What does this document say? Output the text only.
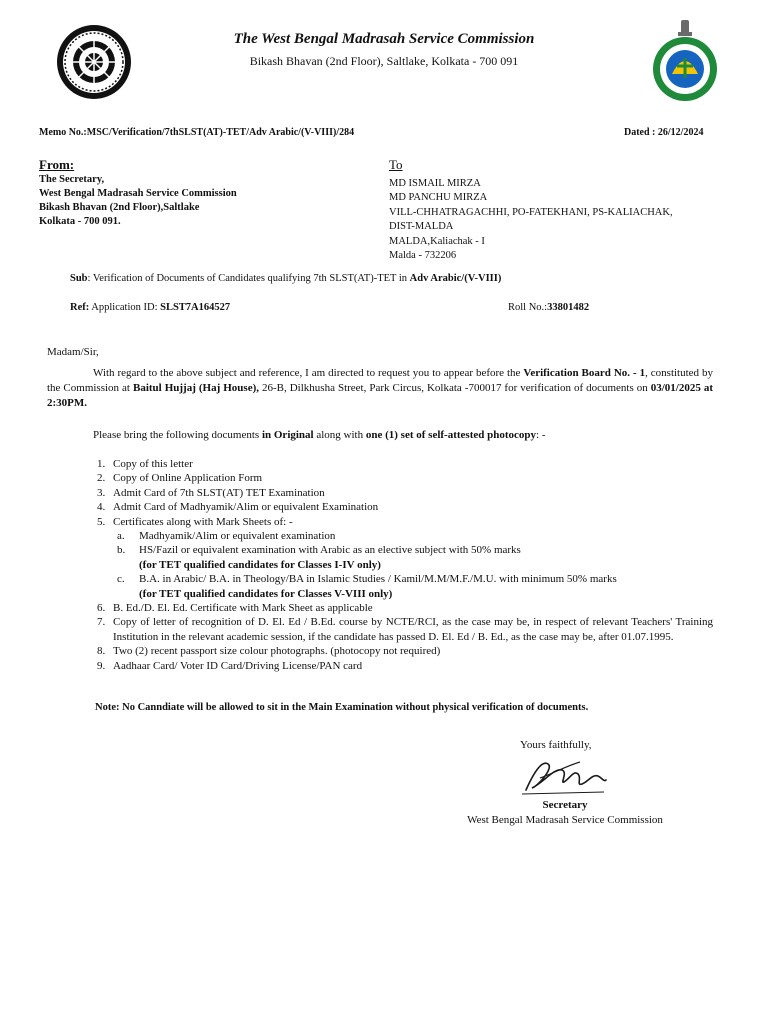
The West Bengal Madrasah Service Commission
Bikash Bhavan (2nd Floor), Saltlake, Kolkata - 700 091
Memo No.:MSC/Verification/7thSLST(AT)-TET/Adv Arabic/(V-VIII)/284	Dated : 26/12/2024
From:
The Secretary,
West Bengal Madrasah Service Commission
Bikash Bhavan (2nd Floor),Saltlake
Kolkata - 700 091.
To
MD ISMAIL MIRZA
MD PANCHU MIRZA
VILL-CHHATRAGACHHI, PO-FATEKHANI, PS-KALIACHAK,
DIST-MALDA
MALDA,Kaliachak - I
Malda - 732206
Sub: Verification of Documents of Candidates qualifying 7th SLST(AT)-TET in Adv Arabic/(V-VIII)
Ref: Application ID: SLST7A164527	Roll No.:33801482
Madam/Sir,
With regard to the above subject and reference, I am directed to request you to appear before the Verification Board No. - 1, constituted by the Commission at Baitul Hujjaj (Haj House), 26-B, Dilkhusha Street, Park Circus, Kolkata -700017 for verification of documents on 03/01/2025 at 2:30PM.
Please bring the following documents in Original along with one (1) set of self-attested photocopy: -
1. Copy of this letter
2. Copy of Online Application Form
3. Admit Card of 7th SLST(AT) TET Examination
4. Admit Card of Madhyamik/Alim or equivalent Examination
5. Certificates along with Mark Sheets of: -
a.	Madhyamik/Alim or equivalent examination
b.	HS/Fazil or equivalent examination with Arabic as an elective subject with 50% marks
(for TET qualified candidates for Classes I-IV only)
c.	B.A. in Arabic/ B.A. in Theology/BA in Islamic Studies / Kamil/M.M/M.F./M.U. with minimum 50% marks
(for TET qualified candidates for Classes V-VIII only)
6. B. Ed./D. El. Ed. Certificate with Mark Sheet as applicable
7. Copy of letter of recognition of D. El. Ed / B.Ed. course by NCTE/RCI, as the case may be, in respect of relevant Teachers' Training Institution in the relevant academic session, if the candidate has passed D. El. Ed / B. Ed., as the case may be, after 01.07.1995.
8. Two (2) recent passport size colour photographs. (photocopy not required)
9. Aadhaar Card/ Voter ID Card/Driving License/PAN card
Note: No Canndiate will be allowed to sit in the Main Examination without physical verification of documents.
Yours faithfully,
Secretary
West Bengal Madrasah Service Commission
